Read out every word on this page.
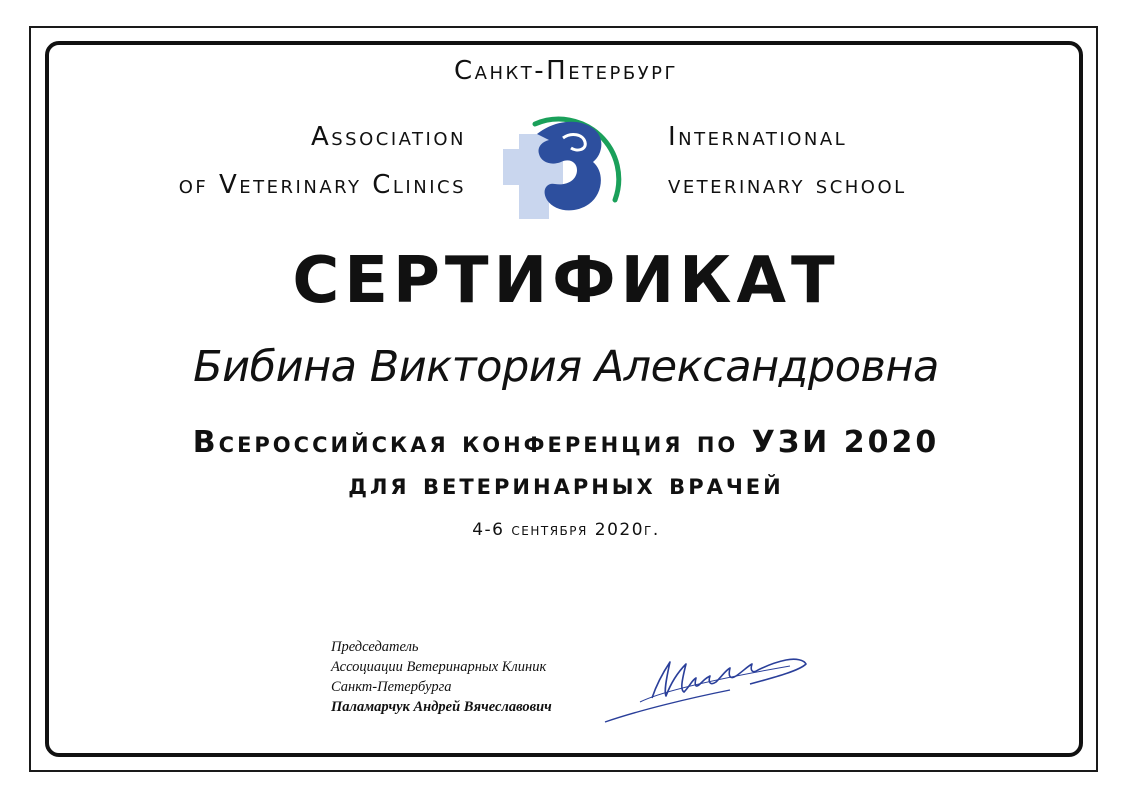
Санкт-Петербург
Association
of Veterinary Clinics
International
veterinary school
СЕРТИФИКАТ
Бибина Виктория Александровна
Всероссийская конференция по УЗИ 2020
для ветеринарных врачей
4-6 сентября 2020г.
Председатель
Ассоциации Ветеринарных Клиник
Санкт-Петербурга
Паламарчук Андрей Вячеславович
